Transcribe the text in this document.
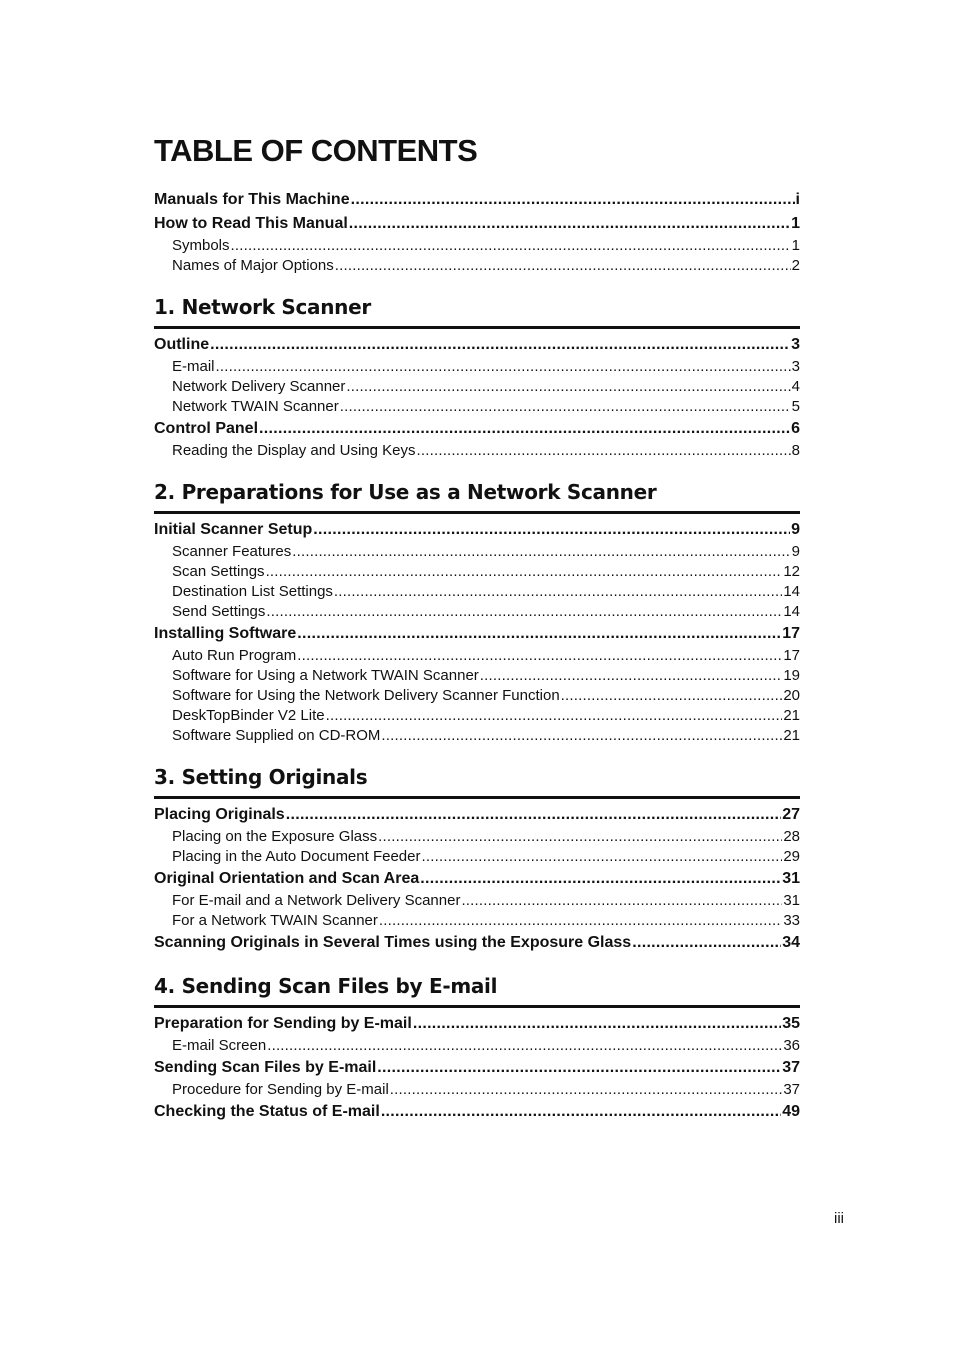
TABLE OF CONTENTS
Manuals for This Machine .....	i
How to Read This Manual .....	1
Symbols .....	1
Names of Major Options .....	2
1. Network Scanner
Outline .....	3
E-mail .....	3
Network Delivery Scanner .....	4
Network TWAIN Scanner .....	5
Control Panel .....	6
Reading the Display and Using Keys .....	8
2. Preparations for Use as a Network Scanner
Initial Scanner Setup .....	9
Scanner Features .....	9
Scan Settings .....	12
Destination List Settings .....	14
Send Settings .....	14
Installing Software .....	17
Auto Run Program .....	17
Software for Using a Network TWAIN Scanner .....	19
Software for Using the Network Delivery Scanner Function .....	20
DeskTopBinder V2 Lite .....	21
Software Supplied on CD-ROM .....	21
3. Setting Originals
Placing Originals .....	27
Placing on the Exposure Glass .....	28
Placing in the Auto Document Feeder .....	29
Original Orientation and Scan Area .....	31
For E-mail and a Network Delivery Scanner .....	31
For a Network TWAIN Scanner .....	33
Scanning Originals in Several Times using the Exposure Glass .....	34
4. Sending Scan Files by E-mail
Preparation for Sending by E-mail .....	35
E-mail Screen .....	36
Sending Scan Files by E-mail .....	37
Procedure for Sending by E-mail .....	37
Checking the Status of E-mail .....	49
iii
